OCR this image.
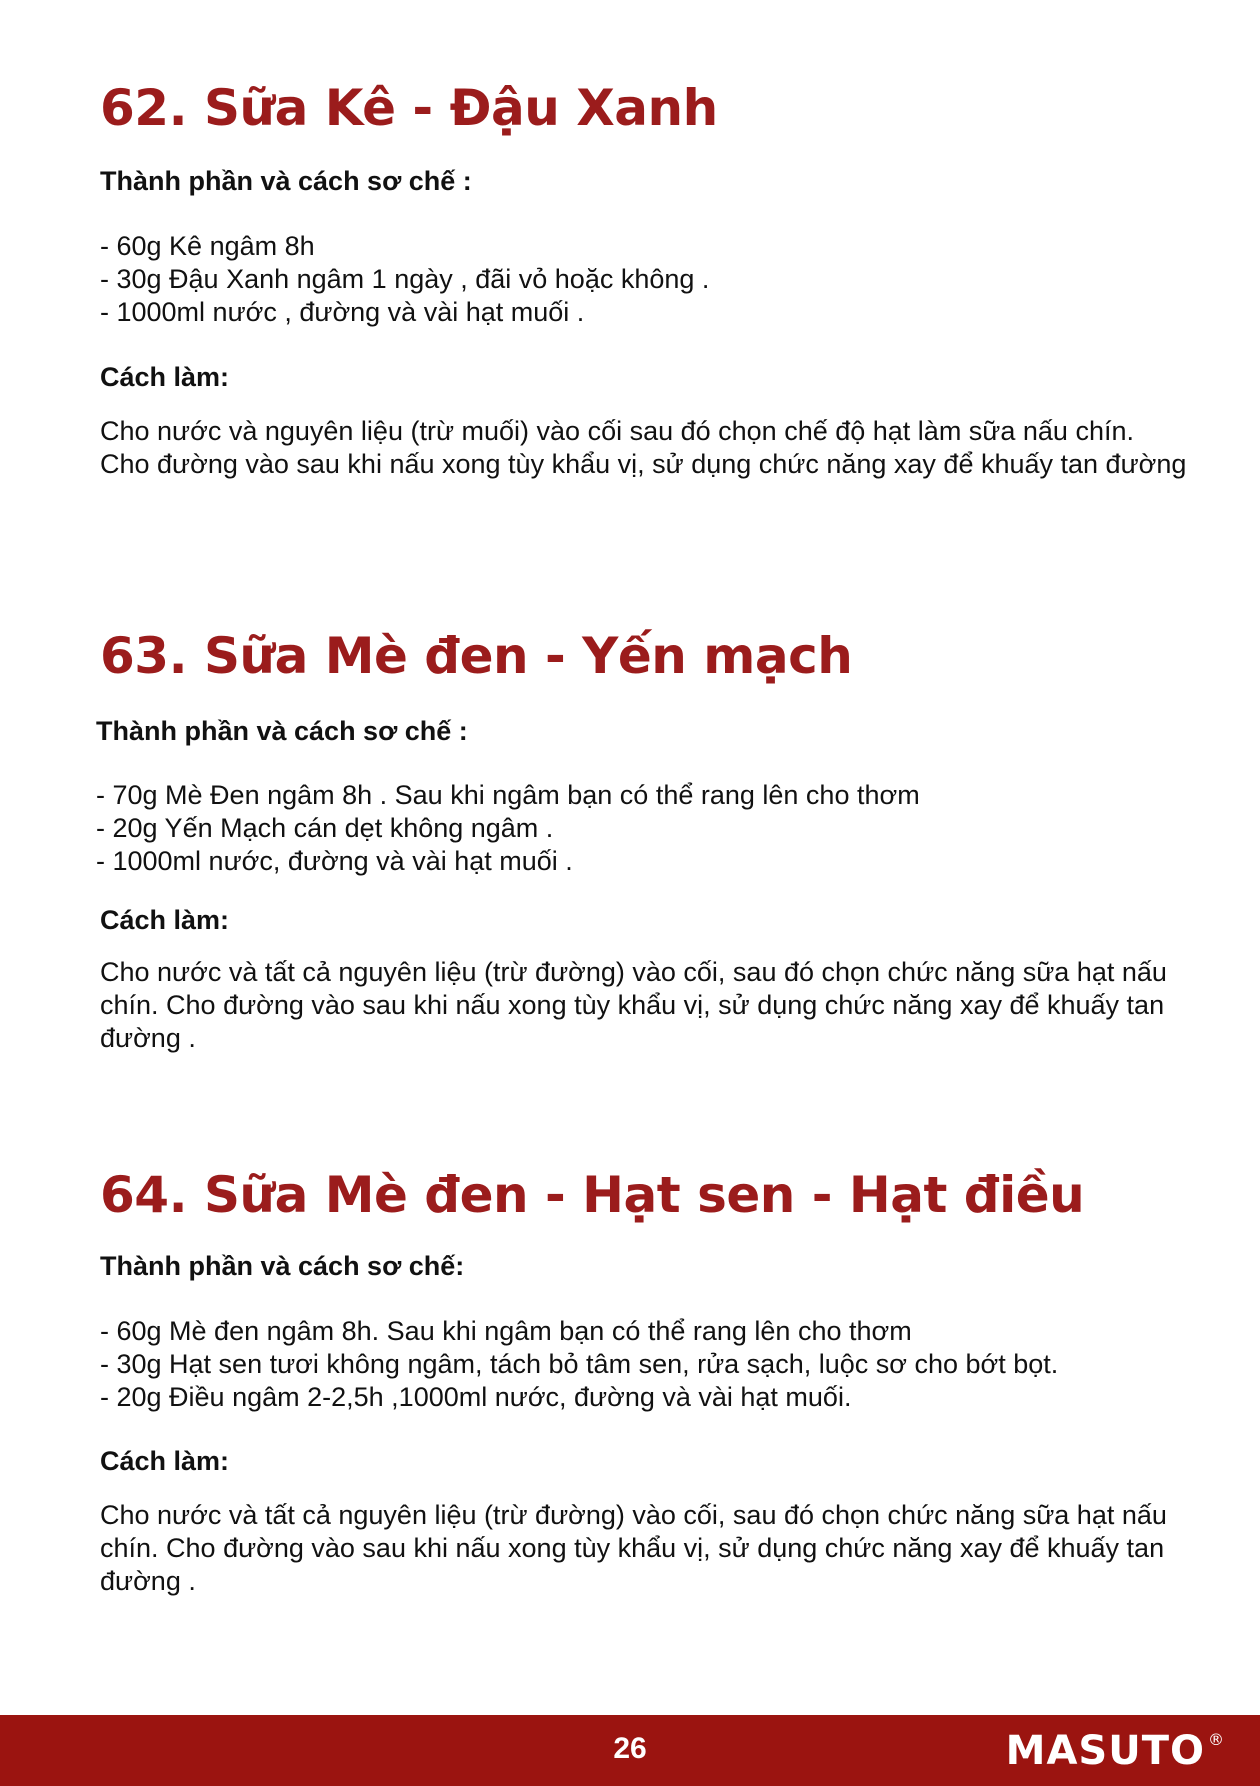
62. Sữa Kê - Đậu Xanh
Thành phần và cách sơ chế :
- 60g Kê ngâm 8h
- 30g Đậu Xanh ngâm 1 ngày , đãi vỏ hoặc không .
- 1000ml nước , đường và vài hạt muối .
Cách làm:

Cho nước và nguyên liệu (trừ muối) vào cối sau đó chọn chế độ hạt làm sữa nấu chín. Cho đường vào sau khi nấu xong tùy khẩu vị, sử dụng chức năng xay để khuấy tan đường

63. Sữa Mè đen - Yến mạch
Thành phần và cách sơ chế :
- 70g Mè Đen ngâm 8h . Sau khi ngâm bạn có thể rang lên cho thơm
- 20g Yến Mạch cán dẹt không ngâm .
- 1000ml nước, đường và vài hạt muối .
Cách làm:

Cho nước và tất cả nguyên liệu (trừ đường) vào cối, sau đó chọn chức năng sữa hạt nấu chín. Cho đường vào sau khi nấu xong tùy khẩu vị, sử dụng chức năng xay để khuấy tan đường .

64. Sữa Mè đen - Hạt sen - Hạt điều
Thành phần và cách sơ chế:
- 60g Mè đen ngâm 8h. Sau khi ngâm bạn có thể rang lên cho thơm
- 30g Hạt sen tươi không ngâm, tách bỏ tâm sen, rửa sạch, luộc sơ cho bớt bọt.
- 20g Điều ngâm 2-2,5h ,1000ml nước, đường và vài hạt muối.
Cách làm:

Cho nước và tất cả nguyên liệu (trừ đường) vào cối, sau đó chọn chức năng sữa hạt nấu chín. Cho đường vào sau khi nấu xong tùy khẩu vị, sử dụng chức năng xay để khuấy tan đường .

26	MASUTO ®
